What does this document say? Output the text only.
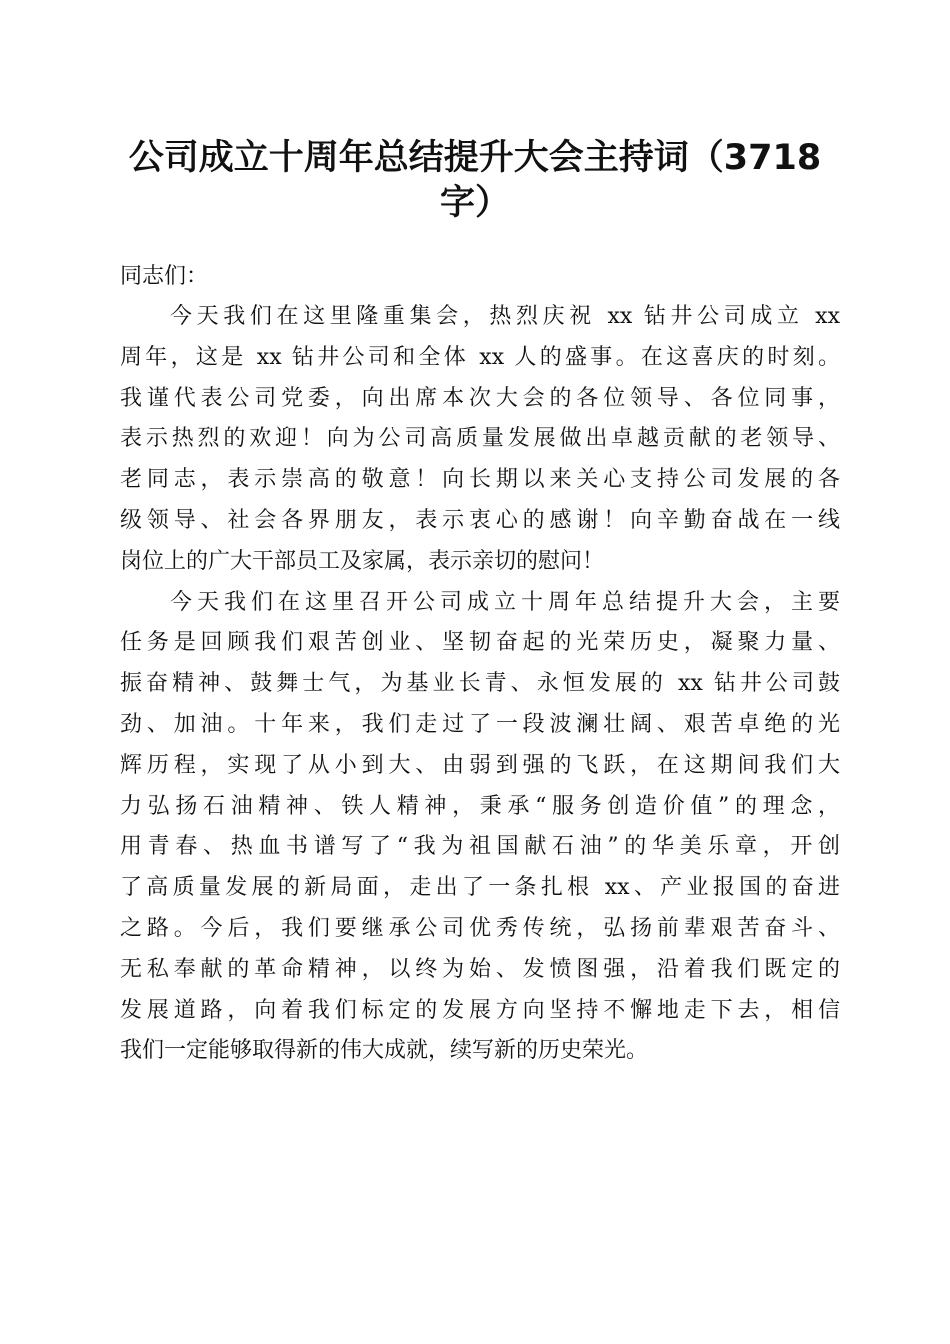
公司成立十周年总结提升大会主持词（3718字）

同志们：

今天我们在这里隆重集会，热烈庆祝 xx 钻井公司成立 xx
周年，这是 xx 钻井公司和全体 xx 人的盛事。在这喜庆的时刻。
我谨代表公司党委，向出席本次大会的各位领导、各位同事，
表示热烈的欢迎！向为公司高质量发展做出卓越贡献的老领导、
老同志，表示崇高的敬意！向长期以来关心支持公司发展的各
级领导、社会各界朋友，表示衷心的感谢！向辛勤奋战在一线
岗位上的广大干部员工及家属，表示亲切的慰问！
今天我们在这里召开公司成立十周年总结提升大会，主要
任务是回顾我们艰苦创业、坚韧奋起的光荣历史，凝聚力量、
振奋精神、鼓舞士气，为基业长青、永恒发展的 xx 钻井公司鼓
劲、加油。十年来，我们走过了一段波澜壮阔、艰苦卓绝的光
辉历程，实现了从小到大、由弱到强的飞跃，在这期间我们大
力弘扬石油精神、铁人精神，秉承“服务创造价值”的理念，
用青春、热血书谱写了“我为祖国献石油”的华美乐章，开创
了高质量发展的新局面，走出了一条扎根 xx、产业报国的奋进
之路。今后，我们要继承公司优秀传统，弘扬前辈艰苦奋斗、
无私奉献的革命精神，以终为始、发愤图强，沿着我们既定的
发展道路，向着我们标定的发展方向坚持不懈地走下去，相信
我们一定能够取得新的伟大成就，续写新的历史荣光。
